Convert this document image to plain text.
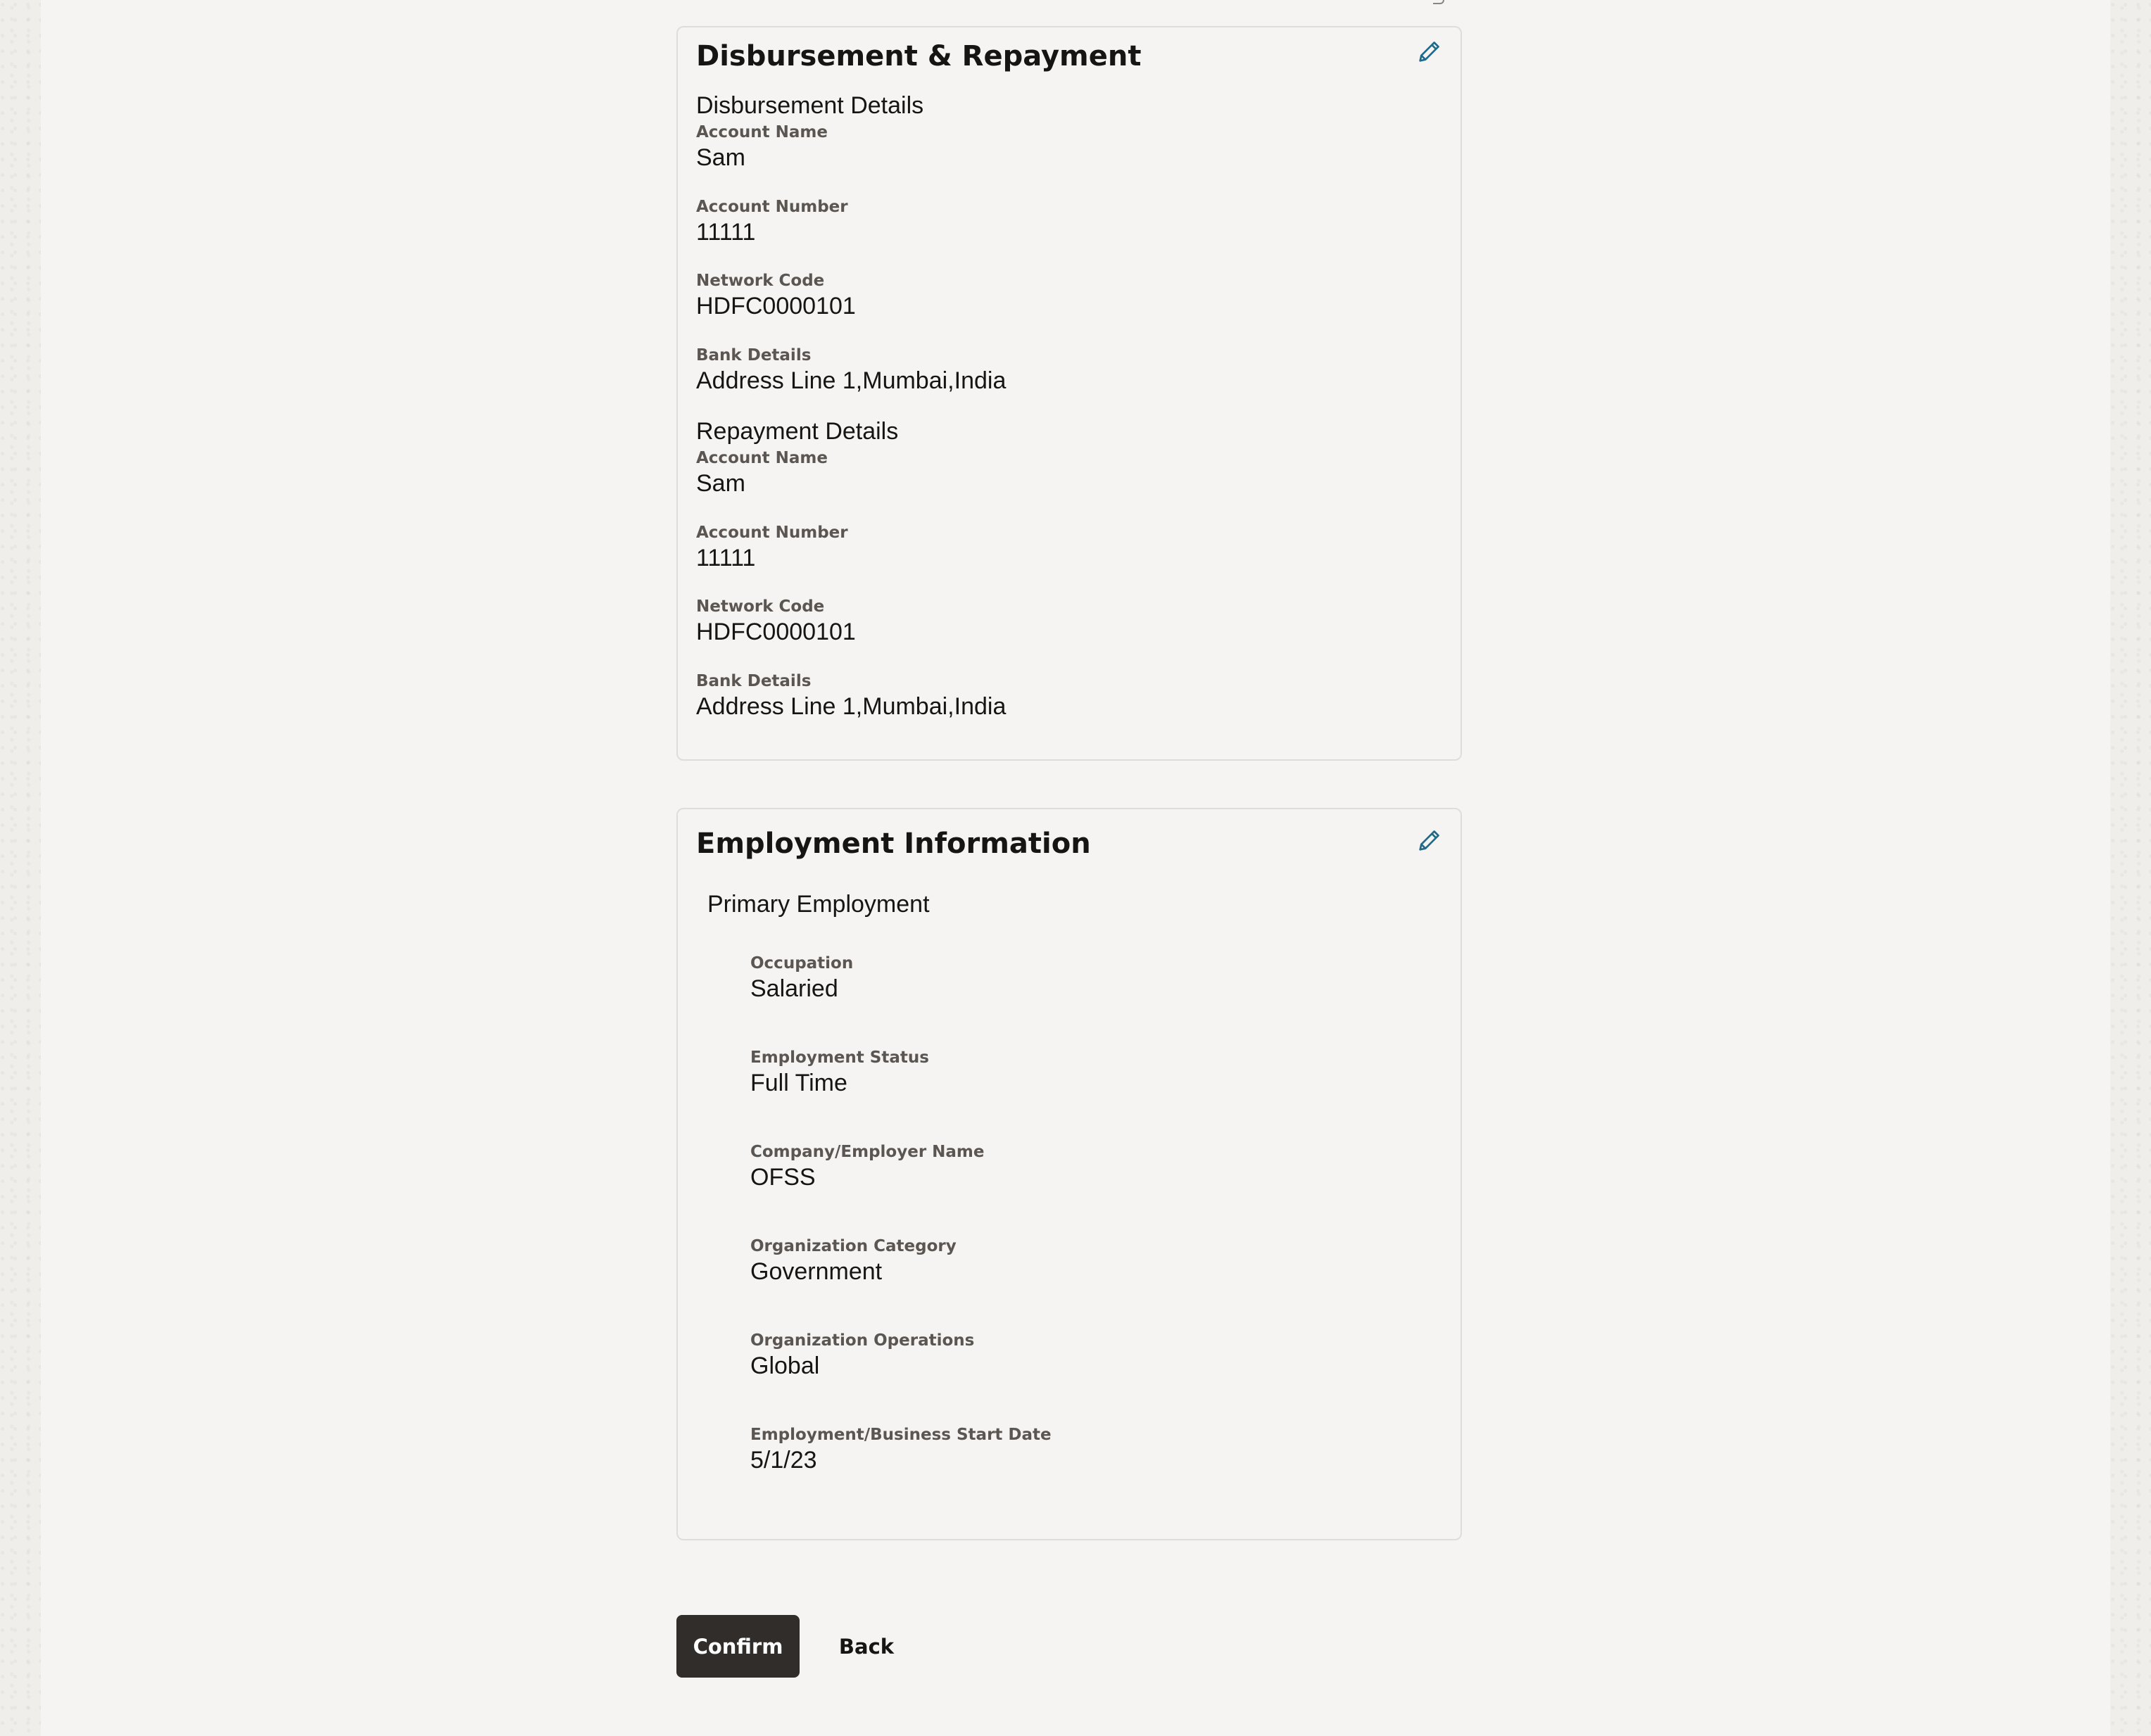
Disbursement & Repayment
Disbursement Details
Account Name
Sam
Account Number
11111
Network Code
HDFC0000101
Bank Details
Address Line 1,Mumbai,India
Repayment Details
Account Name
Sam
Account Number
11111
Network Code
HDFC0000101
Bank Details
Address Line 1,Mumbai,India
Employment Information
Primary Employment
Occupation
Salaried
Employment Status
Full Time
Company/Employer Name
OFSS
Organization Category
Government
Organization Operations
Global
Employment/Business Start Date
5/1/23
Confirm	Back
